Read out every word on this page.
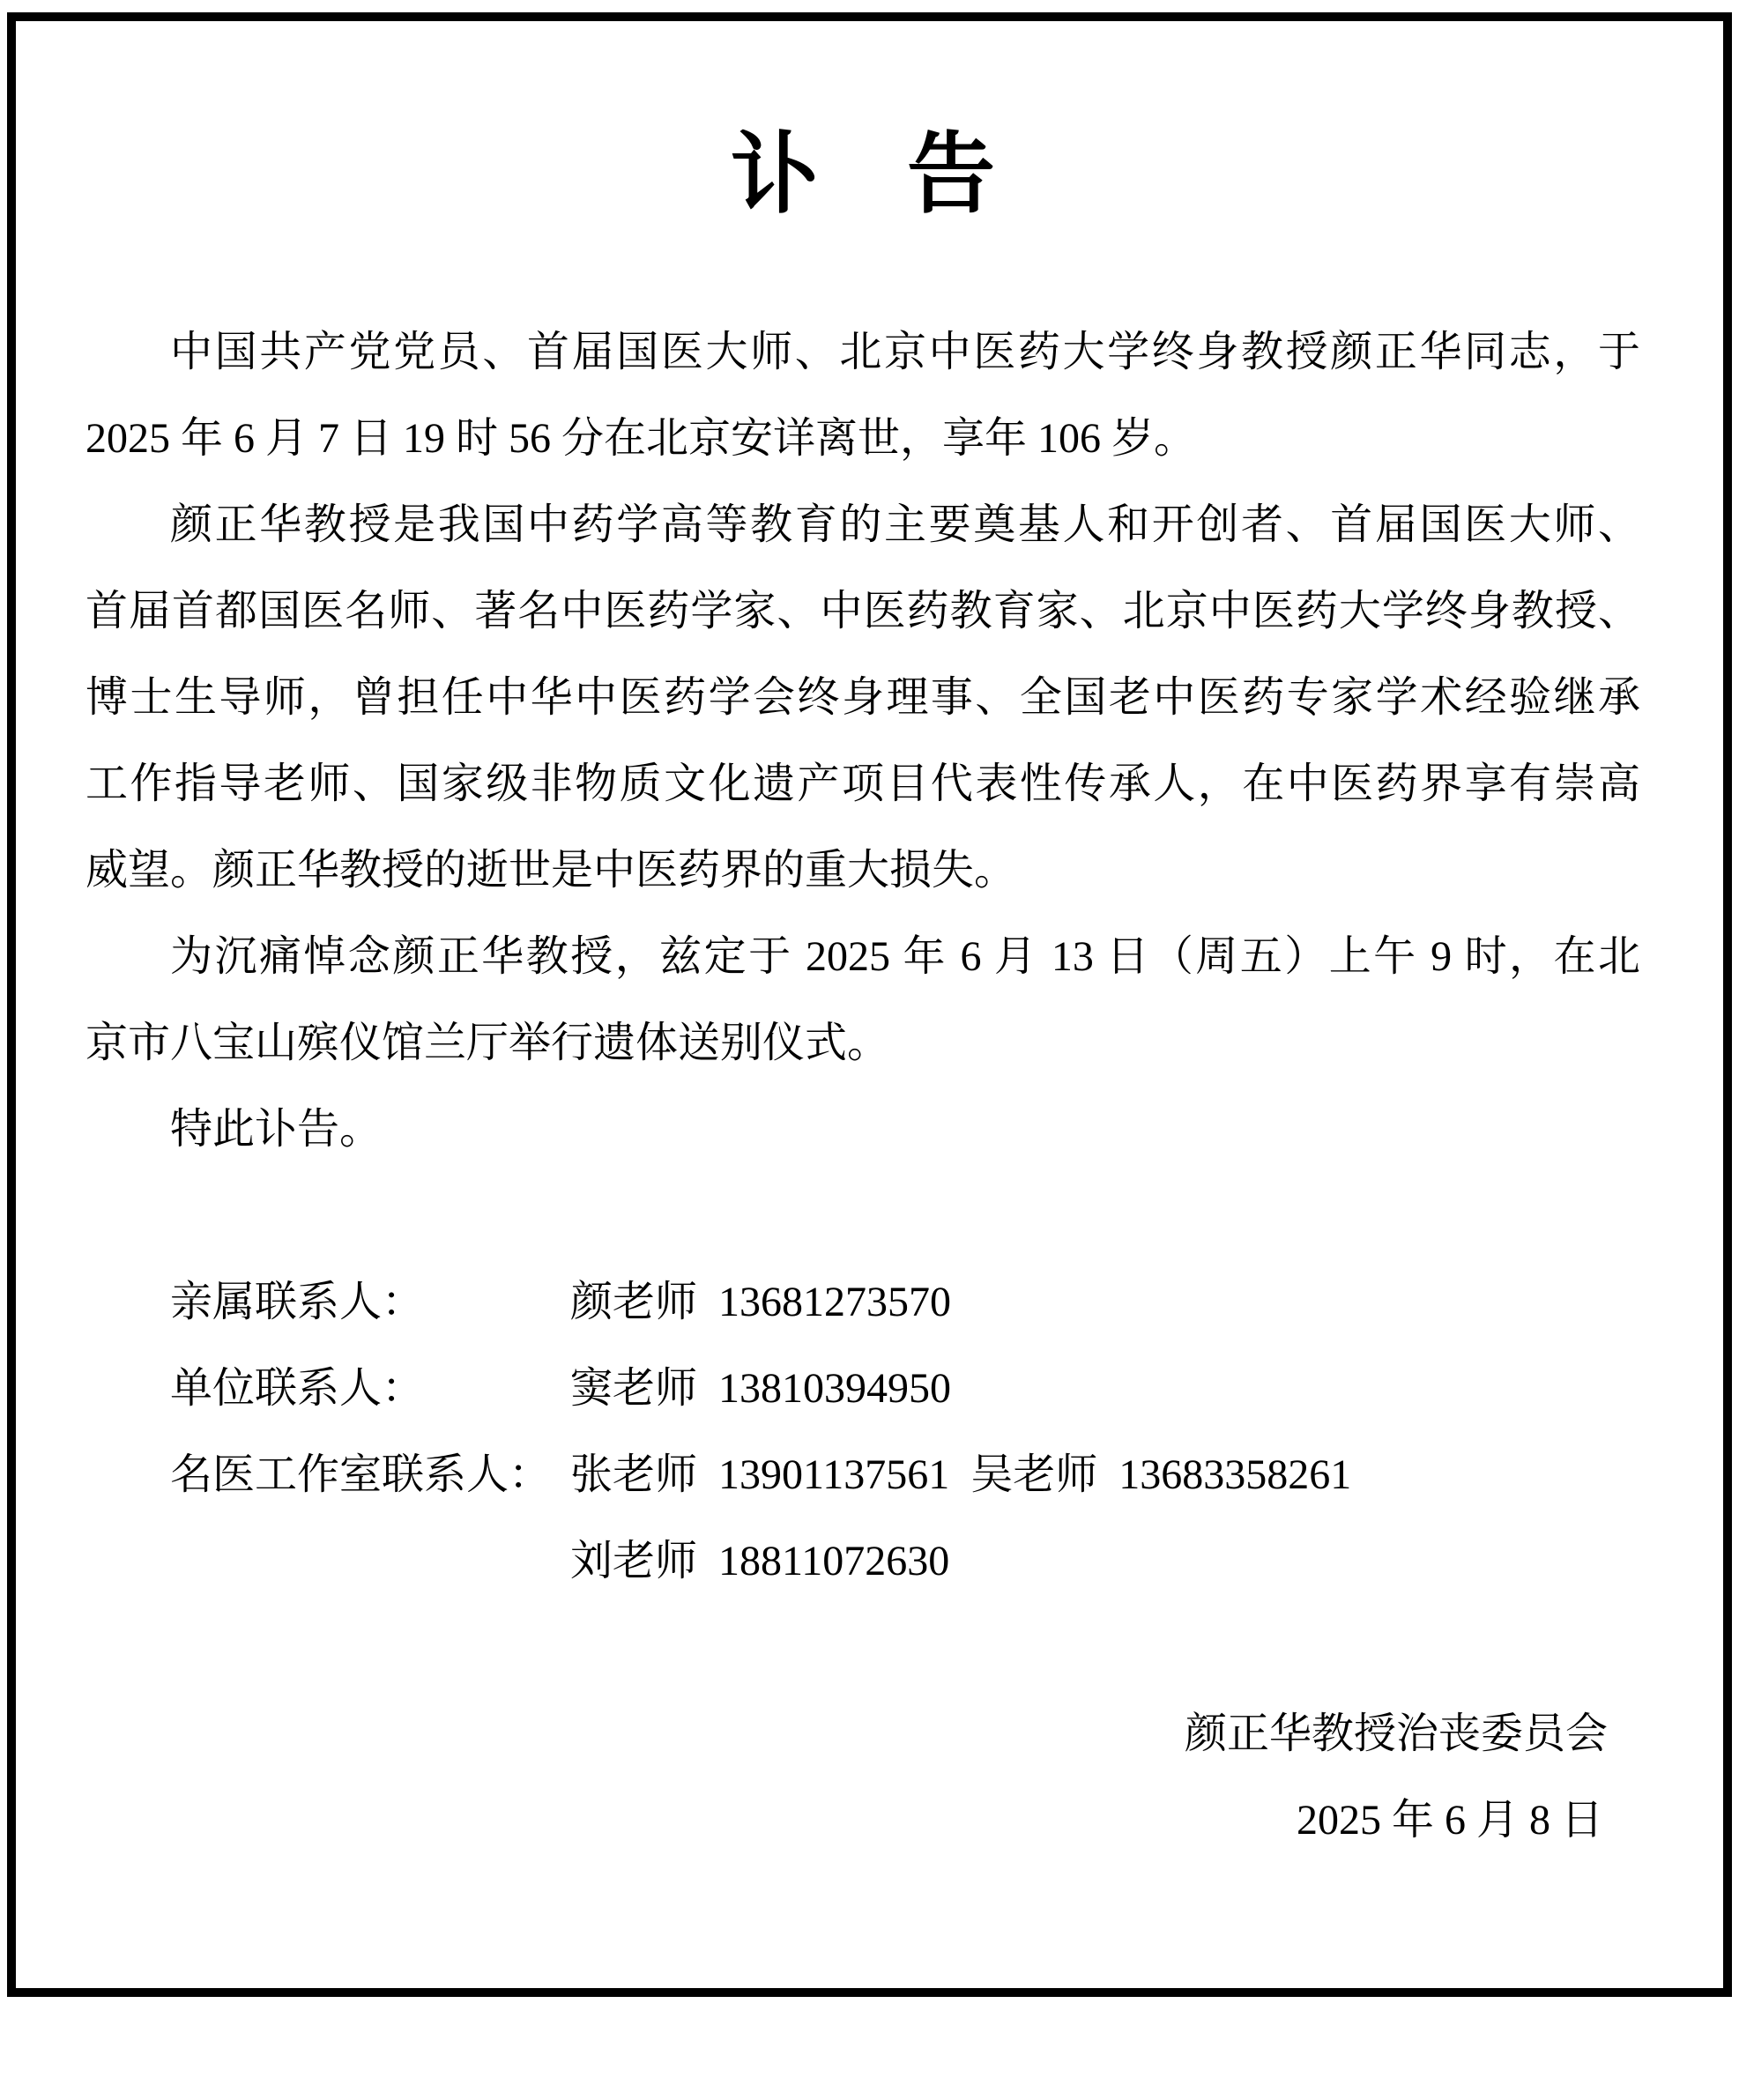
讣　告

中国共产党党员、首届国医大师、北京中医药大学终身教授颜正华同志，于

2025 年 6 月 7 日 19 时 56 分在北京安详离世，享年 106 岁。

颜正华教授是我国中药学高等教育的主要奠基人和开创者、首届国医大师、

首届首都国医名师、著名中医药学家、中医药教育家、北京中医药大学终身教授、

博士生导师，曾担任中华中医药学会终身理事、全国老中医药专家学术经验继承

工作指导老师、国家级非物质文化遗产项目代表性传承人，在中医药界享有崇高

威望。颜正华教授的逝世是中医药界的重大损失。

为沉痛悼念颜正华教授，兹定于 2025 年 6 月 13 日（周五）上午 9 时，在北

京市八宝山殡仪馆兰厅举行遗体送别仪式。

特此讣告。

亲属联系人：	颜老师  13681273570

单位联系人：	窦老师  13810394950

名医工作室联系人： 张老师  13901137561  吴老师  13683358261

刘老师  18811072630

颜正华教授治丧委员会

2025 年 6 月 8 日
